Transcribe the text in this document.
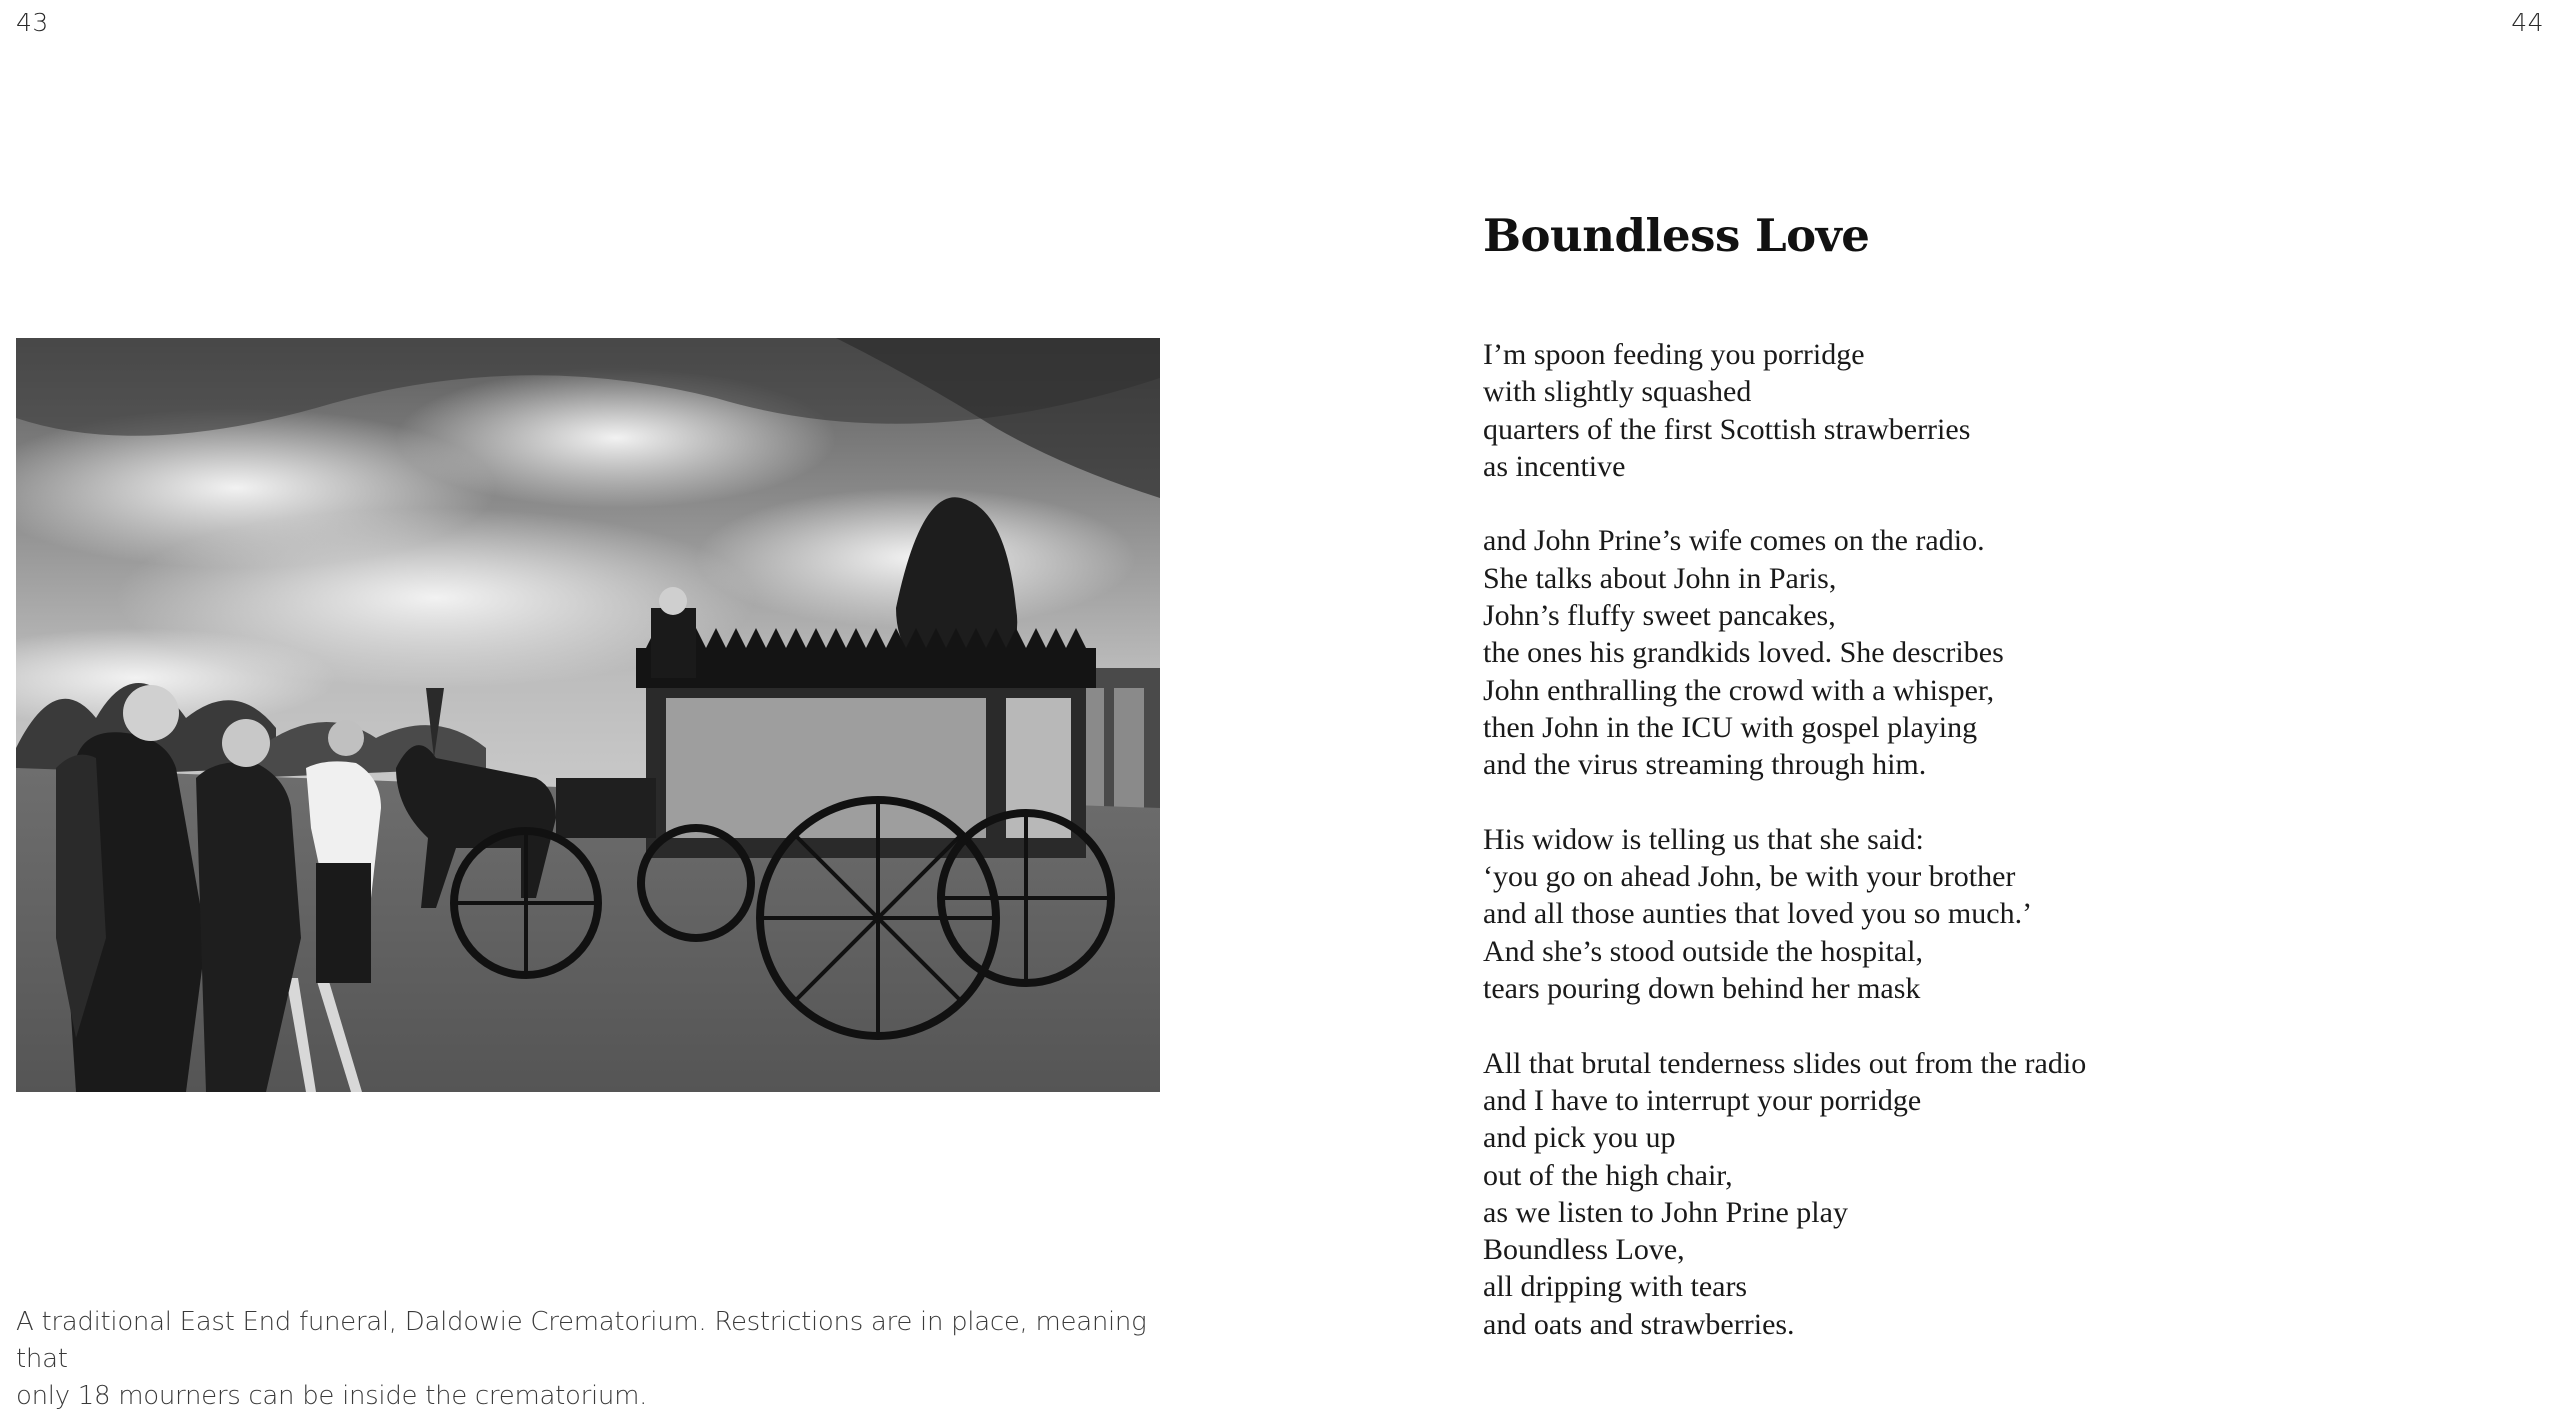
43	44
A traditional East End funeral, Daldowie Crematorium. Restrictions are in place, meaning that
only 18 mourners can be inside the crematorium.
Boundless Love
I’m spoon feeding you porridge
with slightly squashed
quarters of the first Scottish strawberries
as incentive
and John Prine’s wife comes on the radio.
She talks about John in Paris,
John’s fluffy sweet pancakes,
the ones his grandkids loved. She describes
John enthralling the crowd with a whisper,
then John in the ICU with gospel playing
and the virus streaming through him.
His widow is telling us that she said:
‘you go on ahead John, be with your brother
and all those aunties that loved you so much.’
And she’s stood outside the hospital,
tears pouring down behind her mask
All that brutal tenderness slides out from the radio
and I have to interrupt your porridge
and pick you up
out of the high chair,
as we listen to John Prine play
Boundless Love,
all dripping with tears
and oats and strawberries.
